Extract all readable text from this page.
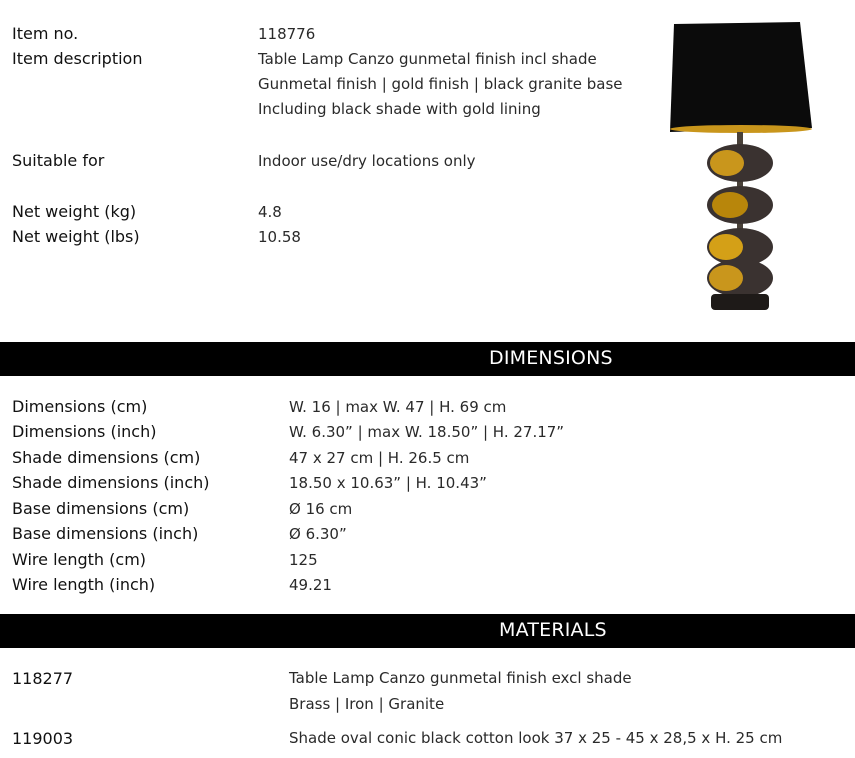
Item no.	118776
Item description	Table Lamp Canzo gunmetal finish incl shade
Gunmetal finish | gold finish | black granite base
Including black shade with gold lining
Suitable for	Indoor use/dry locations only
Net weight (kg)	4.8
Net weight (lbs)	10.58
DIMENSIONS
Dimensions (cm)	W. 16 | max W. 47 | H. 69 cm
Dimensions (inch)	W. 6.30” | max W. 18.50” | H. 27.17”
Shade dimensions (cm)	47 x 27 cm | H. 26.5 cm
Shade dimensions (inch)	18.50 x 10.63” | H. 10.43”
Base dimensions (cm)	Ø 16 cm
Base dimensions (inch)	Ø 6.30”
Wire length (cm)	125
Wire length (inch)	49.21
MATERIALS
118277	Table Lamp Canzo gunmetal finish excl shade
Brass | Iron | Granite
119003	Shade oval conic black cotton look 37 x 25 - 45 x 28,5 x H. 25 cm
